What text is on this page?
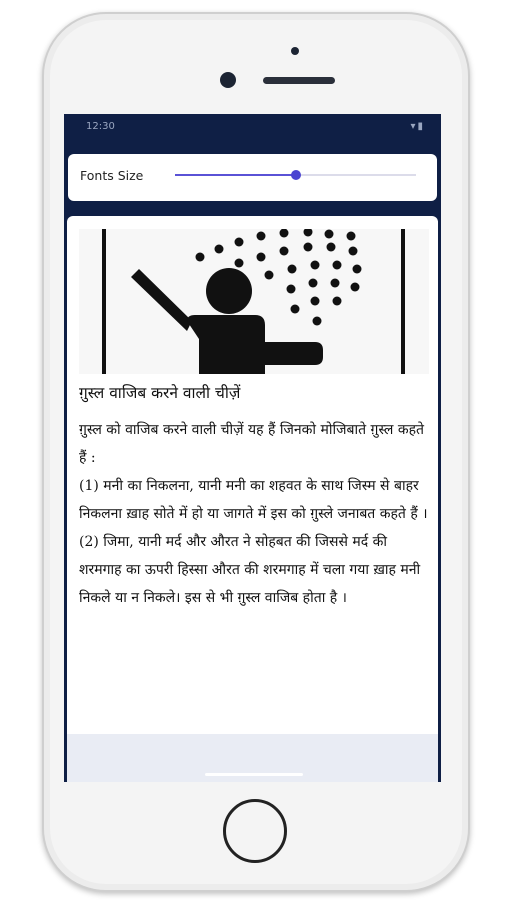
12:30	▾▮
Fonts Size
ग़ुस्ल वाजिब करने वाली चीज़ें

ग़ुस्ल को वाजिब करने वाली चीज़ें यह हैं जिनको मोजिबाते ग़ुस्ल कहते हैं :

(1) मनी का निकलना, यानी मनी का शहवत के साथ जिस्म से बाहर निकलना ख़ाह सोते में हो या जागते में इस को ग़ुस्ले जनाबत कहते हैं ।

(2) जिमा, यानी मर्द और औरत ने सोहबत की जिससे मर्द की शरमगाह का ऊपरी हिस्सा औरत की शरमगाह में चला गया ख़ाह मनी निकले या न निकले। इस से भी ग़ुस्ल वाजिब होता है ।
